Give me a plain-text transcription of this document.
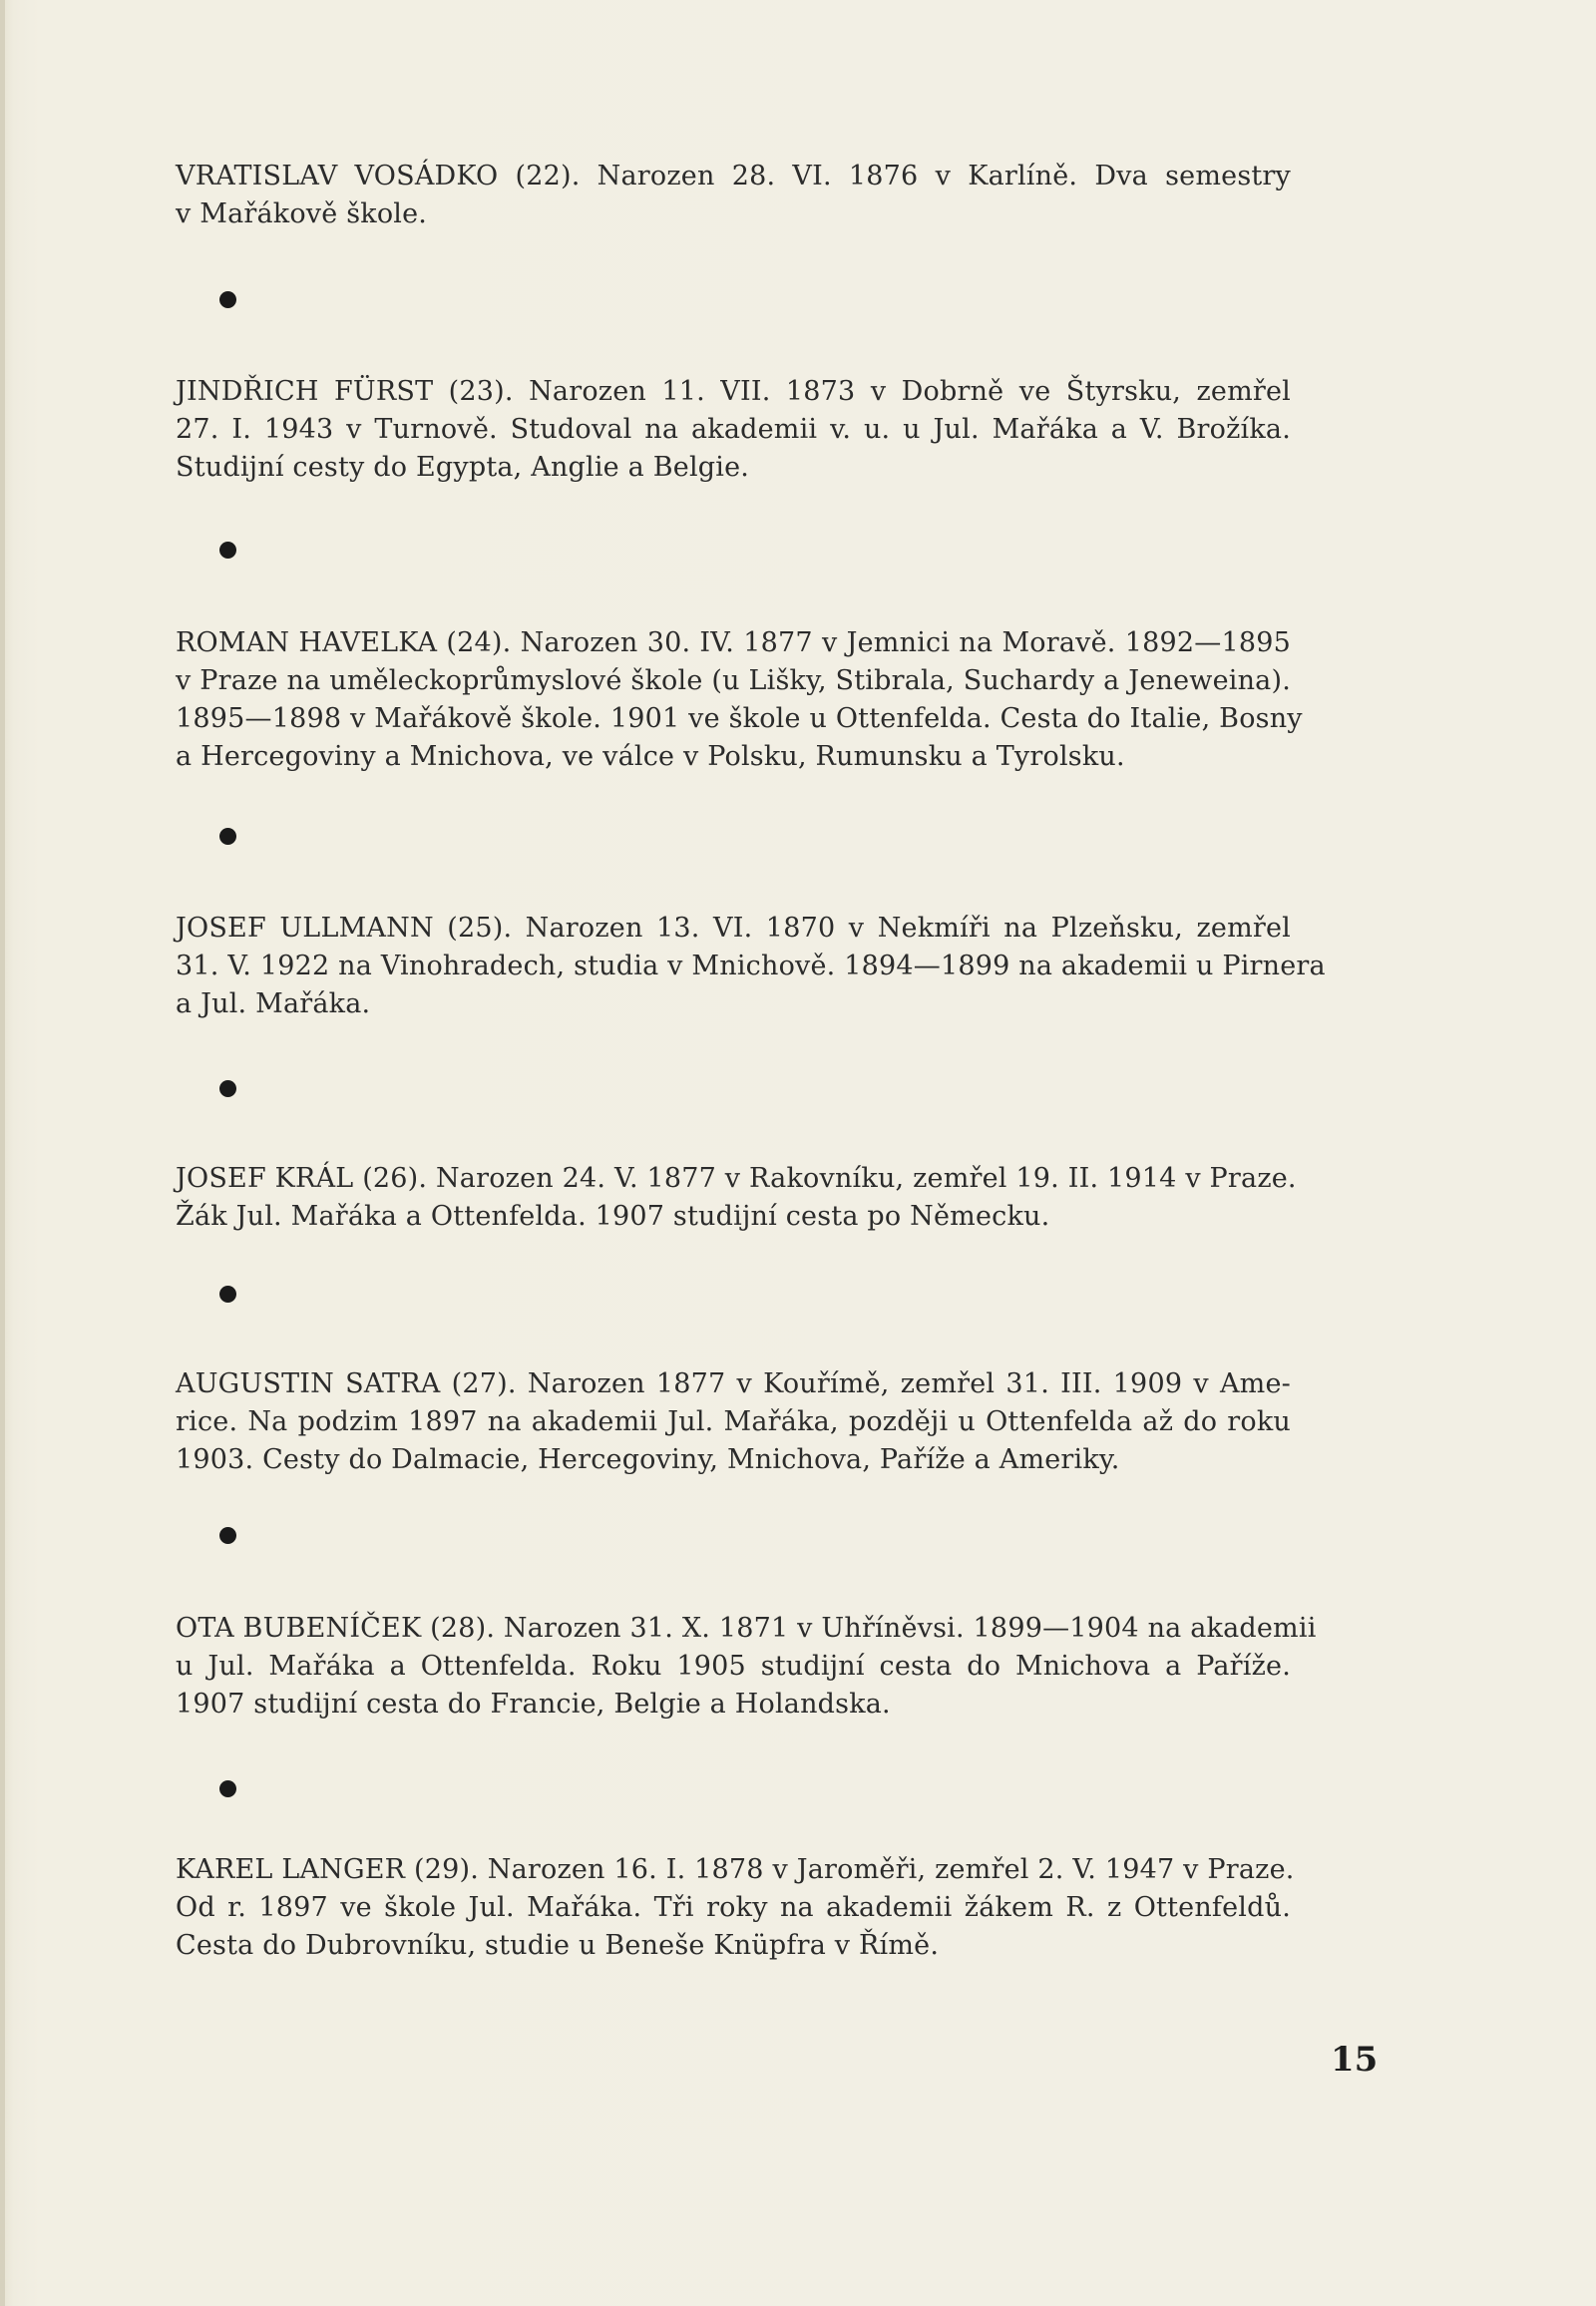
VRATISLAV VOSÁDKO (22). Narozen 28. VI. 1876 v Karlíně. Dva semestry
v Mařákově škole.

JINDŘICH FÜRST (23). Narozen 11. VII. 1873 v Dobrně ve Štyrsku, zemřel
27. I. 1943 v Turnově. Studoval na akademii v. u. u Jul. Mařáka a V. Brožíka.
Studijní cesty do Egypta, Anglie a Belgie.

ROMAN HAVELKA (24). Narozen 30. IV. 1877 v Jemnici na Moravě. 1892—1895
v Praze na uměleckoprůmyslové škole (u Lišky, Stibrala, Suchardy a Jeneweina).
1895—1898 v Mařákově škole. 1901 ve škole u Ottenfelda. Cesta do Italie, Bosny
a Hercegoviny a Mnichova, ve válce v Polsku, Rumunsku a Tyrolsku.

JOSEF ULLMANN (25). Narozen 13. VI. 1870 v Nekmíři na Plzeňsku, zemřel
31. V. 1922 na Vinohradech, studia v Mnichově. 1894—1899 na akademii u Pirnera
a Jul. Mařáka.

JOSEF KRÁL (26). Narozen 24. V. 1877 v Rakovníku, zemřel 19. II. 1914 v Praze.
Žák Jul. Mařáka a Ottenfelda. 1907 studijní cesta po Německu.

AUGUSTIN SATRA (27). Narozen 1877 v Kouřímě, zemřel 31. III. 1909 v Ame-
rice. Na podzim 1897 na akademii Jul. Mařáka, později u Ottenfelda až do roku
1903. Cesty do Dalmacie, Hercegoviny, Mnichova, Paříže a Ameriky.

OTA BUBENÍČEK (28). Narozen 31. X. 1871 v Uhříněvsi. 1899—1904 na akademii
u Jul. Mařáka a Ottenfelda. Roku 1905 studijní cesta do Mnichova a Paříže.
1907 studijní cesta do Francie, Belgie a Holandska.

KAREL LANGER (29). Narozen 16. I. 1878 v Jaroměři, zemřel 2. V. 1947 v Praze.
Od r. 1897 ve škole Jul. Mařáka. Tři roky na akademii žákem R. z Ottenfeldů.
Cesta do Dubrovníku, studie u Beneše Knüpfra v Římě.

15
